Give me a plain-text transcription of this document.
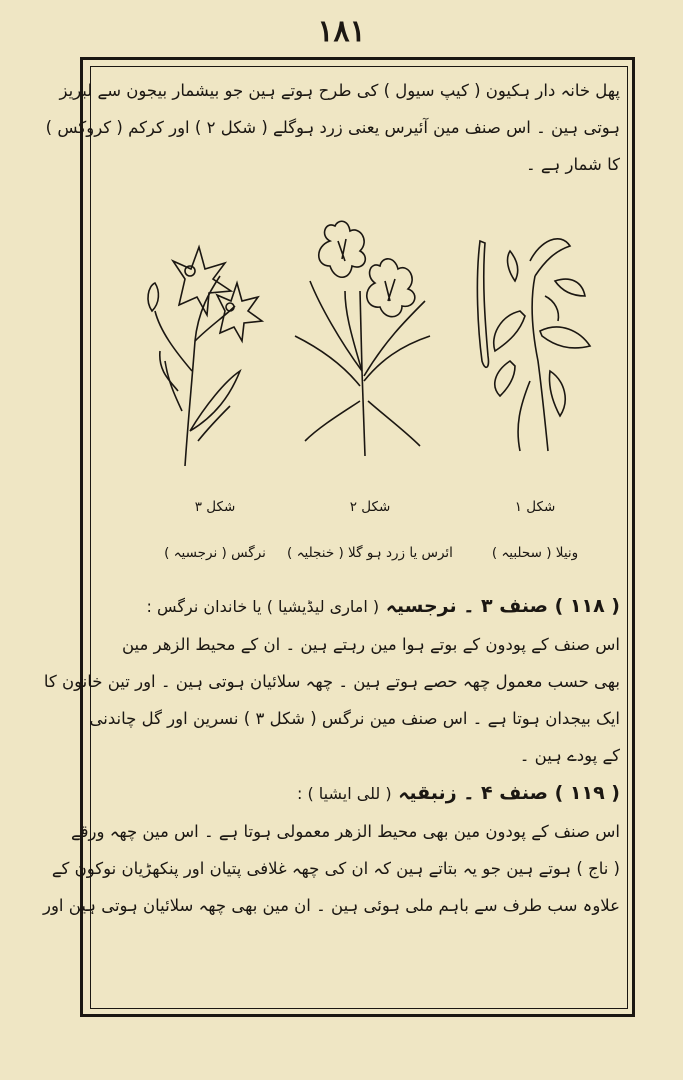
۱۸۱

پھل خانہ دار ہکیون ( کیپ سیول ) کی طرح ہوتے ہین جو بیشمار بیجون سے لبریز
ہوتی ہین ۔ اس صنف مین آئیرس یعنی زرد ہوگلے ( شکل ۲ ) اور کرکم ( کروکس )
کا شمار ہے ۔

شکل ۳	شکل ۲	شکل ۱
نرگس ( نرجسیہ )	ائرس یا زرد ہو گلا ( خنجلیہ )	ونیلا ( سحلبیہ )
( ۱۱۸ ) صنف ۳ ۔ نرجسیہ ( اماری لیڈیشیا ) یا خاندان نرگس :

اس صنف کے پودون کے بوتے ہوا مین رہتے ہین ۔ ان کے محیط الزھر مین
بھی حسب معمول چھہ حصے ہوتے ہین ۔ چھہ سلائیان ہوتی ہین ۔ اور تین خانون کا
ایک بیجدان ہوتا ہے ۔ اس صنف مین نرگس ( شکل ۳ ) نسرین اور گل چاندنی
کے پودے ہین ۔

( ۱۱۹ ) صنف ۴ ۔ زنبقیہ ( للی ایشیا ) :

اس صنف کے پودون مین بھی محیط الزھر معمولی ہوتا ہے ۔ اس مین چھہ ورقے
( ناج ) ہوتے ہین جو یہ بتاتے ہین کہ ان کی چھہ غلافی پتیان اور پنکھڑیان نوکون کے
علاوہ سب طرف سے باہم ملی ہوئی ہین ۔ ان مین بھی چھہ سلائیان ہوتی ہین اور
